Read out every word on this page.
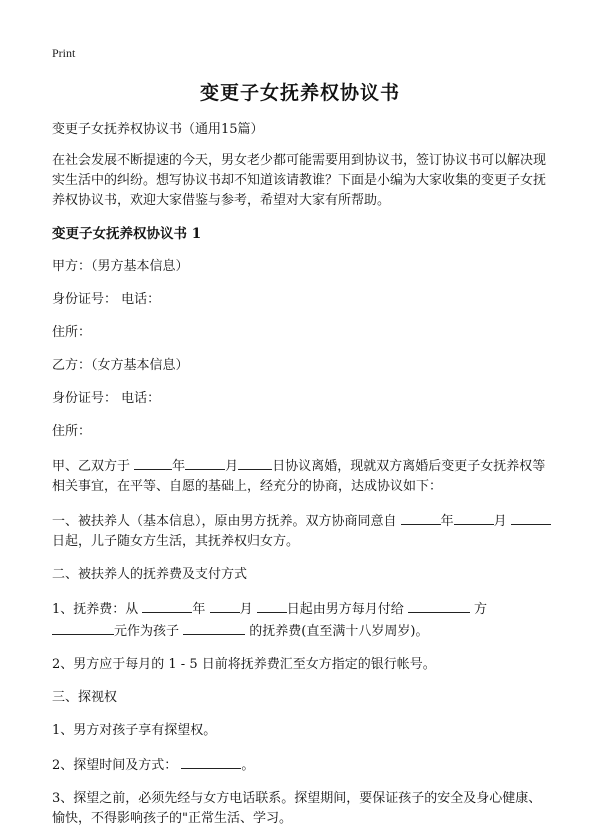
Print
变更子女抚养权协议书

变更子女抚养权协议书（通用15篇）

在社会发展不断提速的今天，男女老少都可能需要用到协议书，签订协议书可以解决现实生活中的纠纷。想写协议书却不知道该请教谁？下面是小编为大家收集的变更子女抚养权协议书，欢迎大家借鉴与参考，希望对大家有所帮助。

变更子女抚养权协议书 1

甲方：（男方基本信息）

身份证号： 电话：

住所：

乙方：（女方基本信息）

身份证号： 电话：

住所：

甲、乙双方于	年	月	日协议离婚，现就双方离婚后变更子女抚养权等相关事宜，在平等、自愿的基础上，经充分的协商，达成协议如下：

一、被扶养人（基本信息），原由男方抚养。双方协商同意自	年	月 日起，儿子随女方生活，其抚养权归女方。

二、被扶养人的抚养费及支付方式

1、抚养费：从	年	月	日起由男方每月付给	方 元作为孩子	的抚养费(直至满十八岁周岁)。

2、男方应于每月的 1 - 5 日前将抚养费汇至女方指定的银行帐号。

三、探视权

1、男方对孩子享有探望权。

2、探望时间及方式：	。

3、探望之前，必须先经与女方电话联系。探望期间，要保证孩子的安全及身心健康、愉快，不得影响孩子的"正常生活、学习。
